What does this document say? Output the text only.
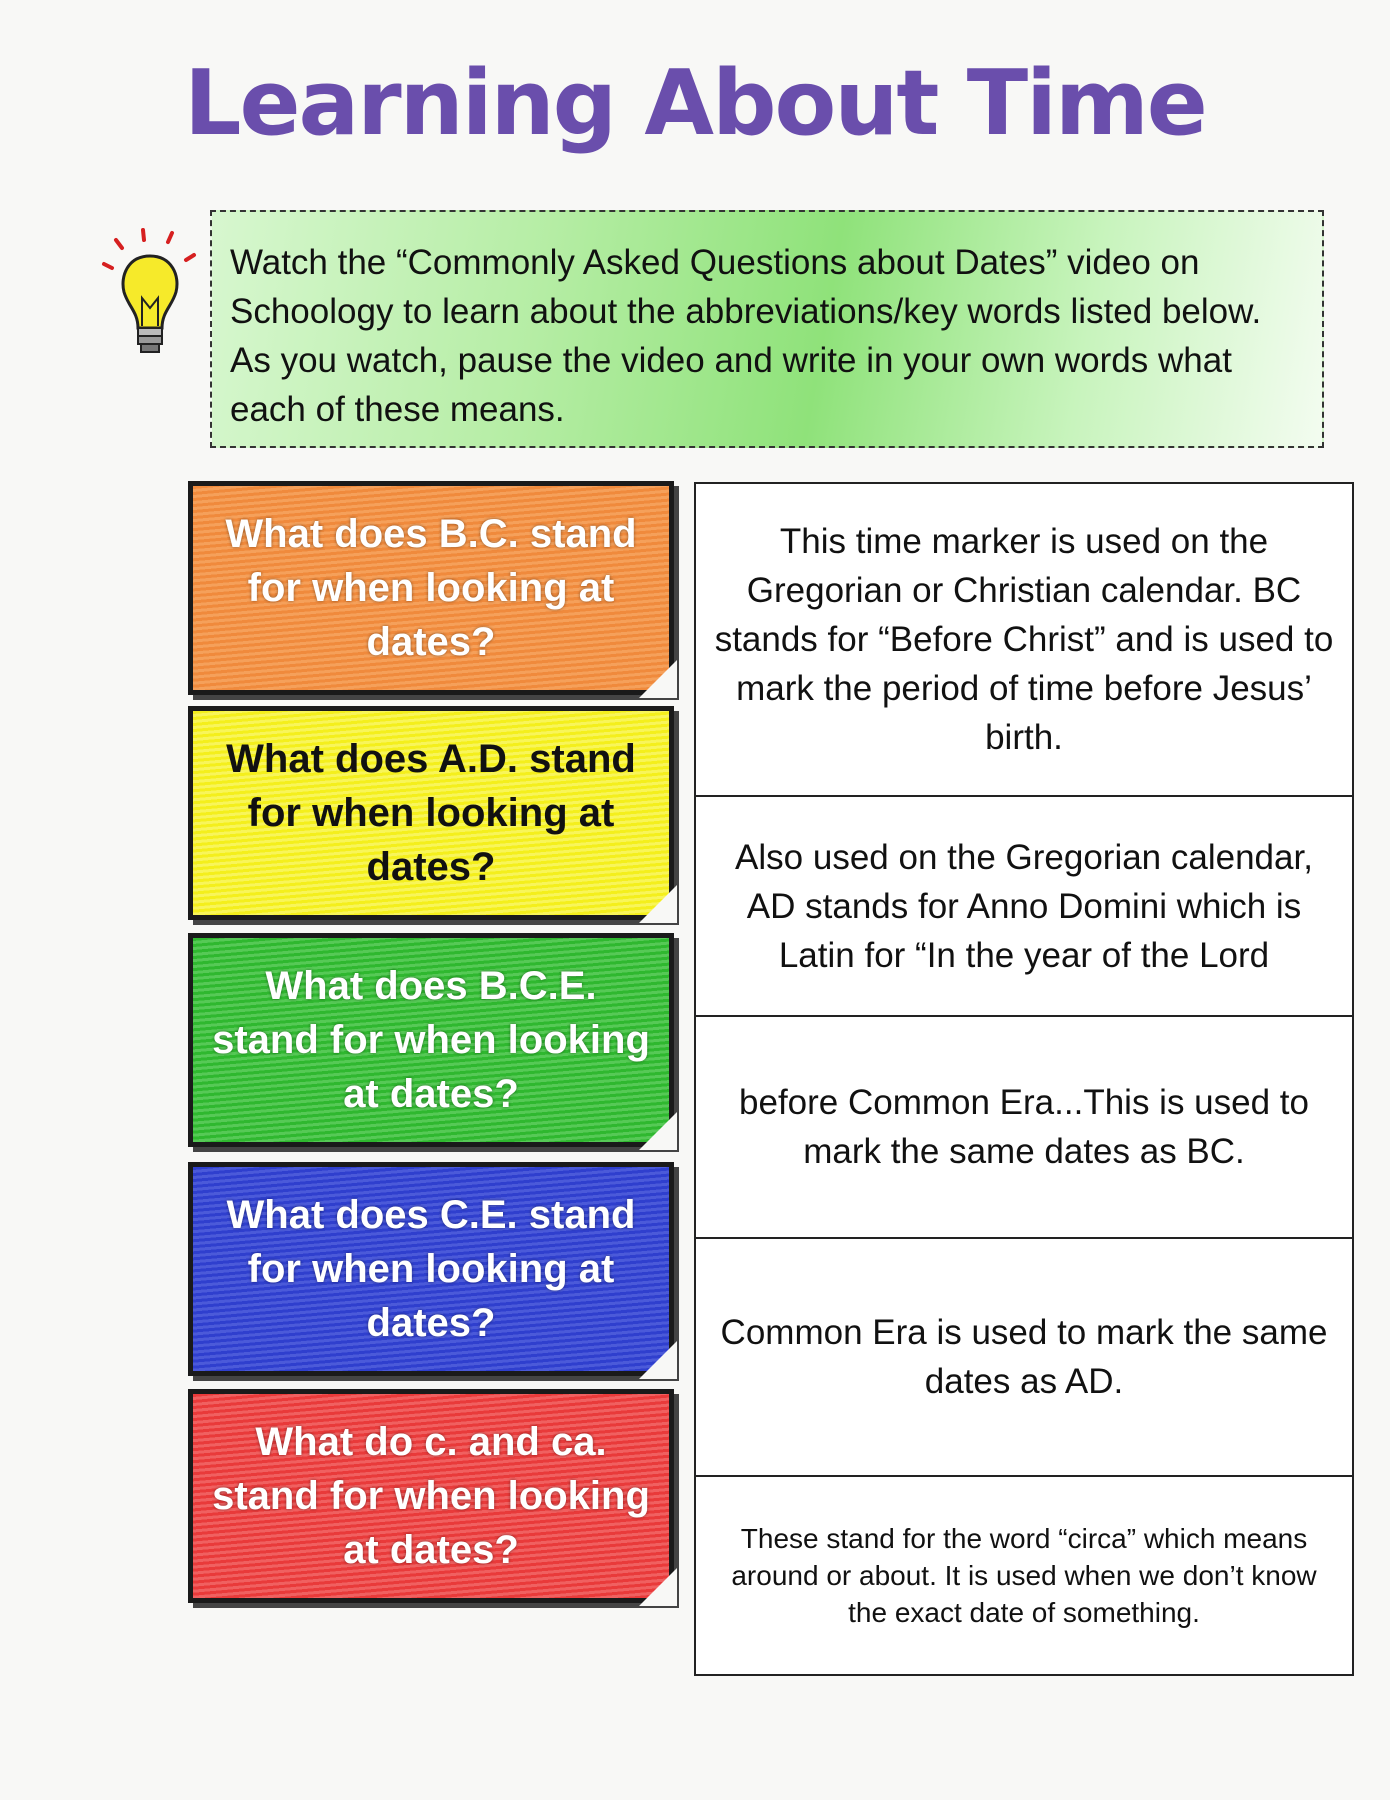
Learning About Time
Watch the “Commonly Asked Questions about Dates” video on Schoology to learn about the abbreviations/key words listed below. As you watch, pause the video and write in your own words what each of these means.
What does B.C. stand for when looking at dates?
What does A.D. stand for when looking at dates?
What does B.C.E. stand for when looking at dates?
What does C.E. stand for when looking at dates?
What do c. and ca. stand for when looking at dates?
This time marker is used on the Gregorian or Christian calendar. BC stands for “Before Christ” and is used to mark the period of time before Jesus’ birth.
Also used on the Gregorian calendar, AD stands for Anno Domini which is Latin for “In the year of the Lord
before Common Era...This is used to mark the same dates as BC.
Common Era is used to mark the same dates as AD.
These stand for the word “circa” which means around or about. It is used when we don’t know the exact date of something.
